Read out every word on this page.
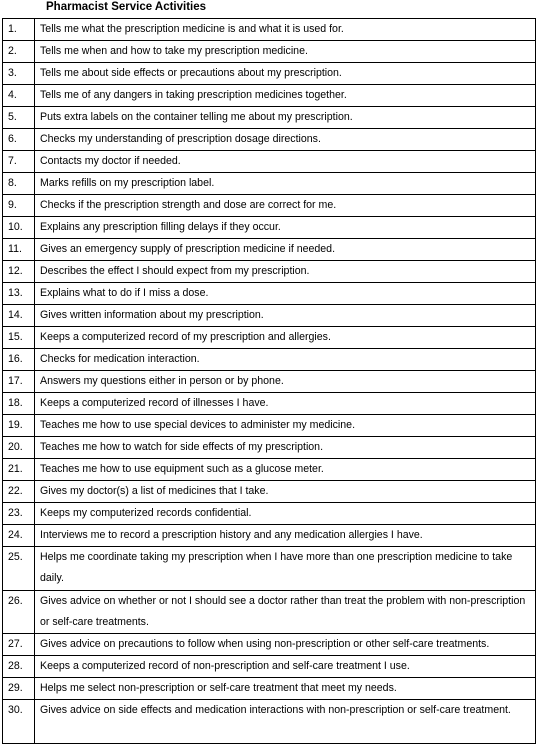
Pharmacist Service Activities
1.	Tells me what the prescription medicine is and what it is used for.
2.	Tells me when and how to take my prescription medicine.
3.	Tells me about side effects or precautions about my prescription.
4.	Tells me of any dangers in taking prescription medicines together.
5.	Puts extra labels on the container telling me about my prescription.
6.	Checks my understanding of prescription dosage directions.
7.	Contacts my doctor if needed.
8.	Marks refills on my prescription label.
9.	Checks if the prescription strength and dose are correct for me.
10.	Explains any prescription filling delays if they occur.
11.	Gives an emergency supply of prescription medicine if needed.
12.	Describes the effect I should expect from my prescription.
13.	Explains what to do if I miss a dose.
14.	Gives written information about my prescription.
15.	Keeps a computerized record of my prescription and allergies.
16.	Checks for medication interaction.
17.	Answers my questions either in person or by phone.
18.	Keeps a computerized record of illnesses I have.
19.	Teaches me how to use special devices to administer my medicine.
20.	Teaches me how to watch for side effects of my prescription.
21.	Teaches me how to use equipment such as a glucose meter.
22.	Gives my doctor(s) a list of medicines that I take.
23.	Keeps my computerized records confidential.
24.	Interviews me to record a prescription history and any medication allergies I have.
25.	Helps me coordinate taking my prescription when I have more than one prescription medicine to take daily.
26.	Gives advice on whether or not I should see a doctor rather than treat the problem with non-prescription or self-care treatments.
27.	Gives advice on precautions to follow when using non-prescription or other self-care treatments.
28.	Keeps a computerized record of non-prescription and self-care treatment I use.
29.	Helps me select non-prescription or self-care treatment that meet my needs.
30.	Gives advice on side effects and medication interactions with non-prescription or self-care treatment.
